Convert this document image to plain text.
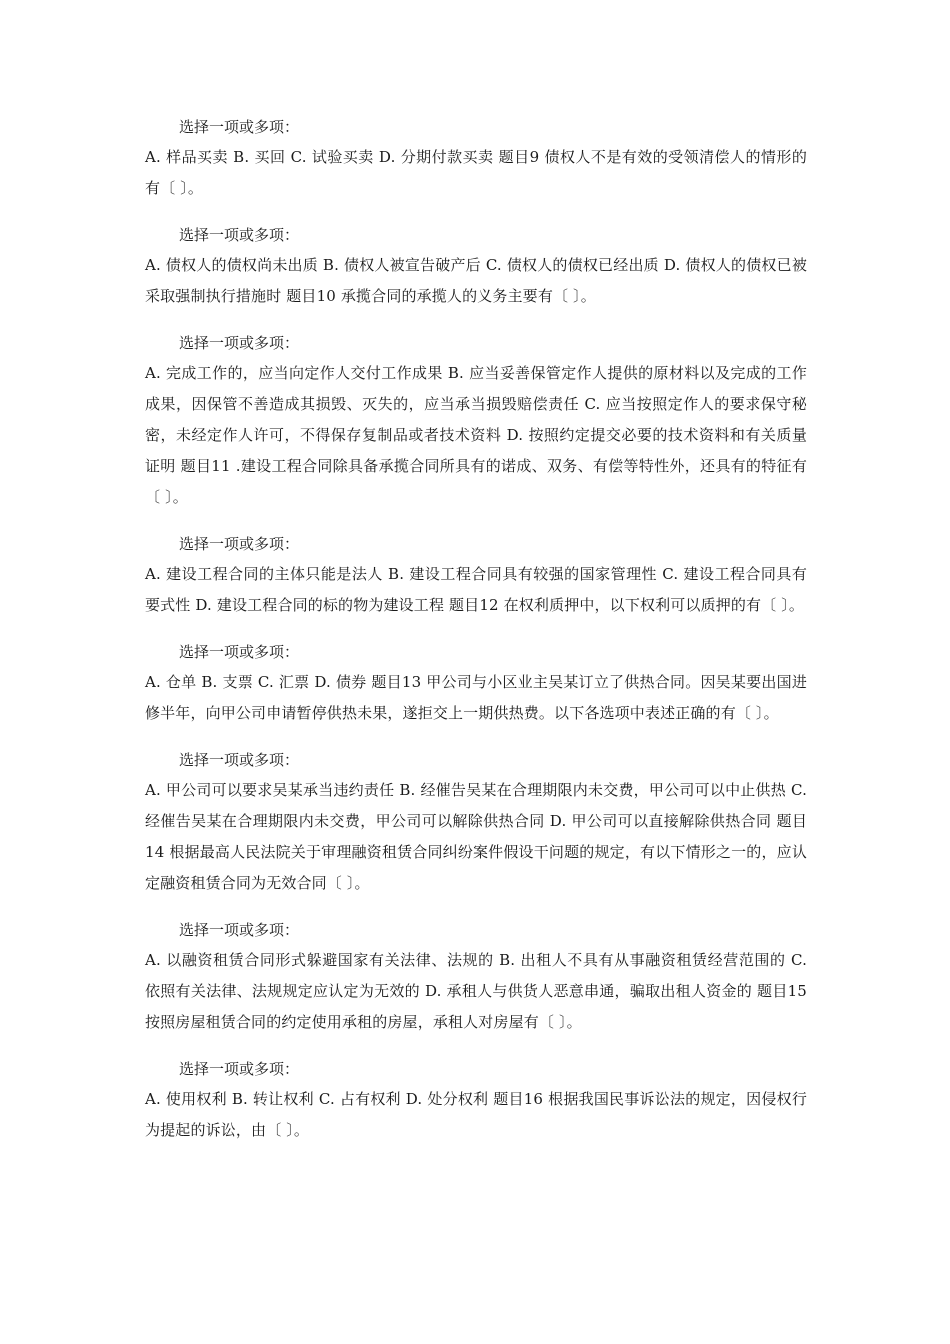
选择一项或多项：
A. 样品买卖 B. 买回 C. 试验买卖 D. 分期付款买卖 题目9 债权人不是有效的受领清偿人的情形的有〔 〕。
选择一项或多项：
A. 债权人的债权尚未出质 B. 债权人被宣告破产后 C. 债权人的债权已经出质 D. 债权人的债权已被采取强制执行措施时 题目10 承揽合同的承揽人的义务主要有〔 〕。
选择一项或多项：
A. 完成工作的，应当向定作人交付工作成果 B. 应当妥善保管定作人提供的原材料以及完成的工作成果，因保管不善造成其损毁、灭失的，应当承当损毁赔偿责任 C. 应当按照定作人的要求保守秘密，未经定作人许可，不得保存复制品或者技术资料 D. 按照约定提交必要的技术资料和有关质量证明 题目11 .建设工程合同除具备承揽合同所具有的诺成、双务、有偿等特性外，还具有的特征有〔 〕。
选择一项或多项：
A. 建设工程合同的主体只能是法人 B. 建设工程合同具有较强的国家管理性 C. 建设工程合同具有要式性 D. 建设工程合同的标的物为建设工程 题目12 在权利质押中，以下权利可以质押的有〔 〕。
选择一项或多项：
A. 仓单 B. 支票 C. 汇票 D. 债券 题目13 甲公司与小区业主吴某订立了供热合同。因吴某要出国进修半年，向甲公司申请暂停供热未果，遂拒交上一期供热费。以下各选项中表述正确的有〔 〕。
选择一项或多项：
A. 甲公司可以要求吴某承当违约责任 B. 经催告吴某在合理期限内未交费，甲公司可以中止供热 C. 经催告吴某在合理期限内未交费，甲公司可以解除供热合同 D. 甲公司可以直接解除供热合同 题目14 根据最高人民法院关于审理融资租赁合同纠纷案件假设干问题的规定，有以下情形之一的，应认定融资租赁合同为无效合同〔 〕。
选择一项或多项：
A. 以融资租赁合同形式躲避国家有关法律、法规的 B. 出租人不具有从事融资租赁经营范围的 C. 依照有关法律、法规规定应认定为无效的 D. 承租人与供货人恶意串通，骗取出租人资金的 题目15 按照房屋租赁合同的约定使用承租的房屋，承租人对房屋有〔 〕。
选择一项或多项：
A. 使用权利 B. 转让权利 C. 占有权利 D. 处分权利 题目16 根据我国民事诉讼法的规定，因侵权行为提起的诉讼，由〔 〕。
